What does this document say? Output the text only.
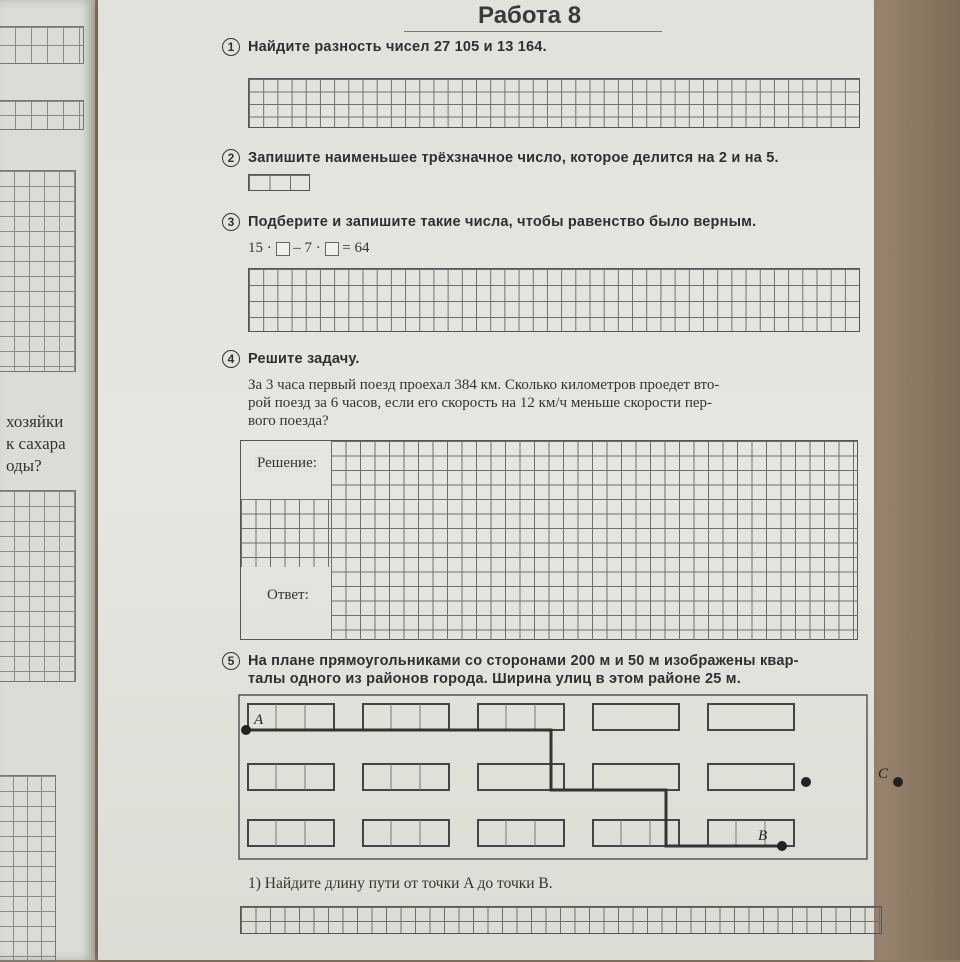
хозяйки
к сахара
оды?
Работа 8
1 Найдите разность чисел 27 105 и 13 164.
2 Запишите наименьшее трёхзначное число, которое делится на 2 и на 5.
3 Подберите и запишите такие числа, чтобы равенство было верным.
15 · – 7 · = 64
4 Решите задачу.
За 3 часа первый поезд проехал 384 км. Сколько километров проедет вто-
рой поезд за 6 часов, если его скорость на 12 км/ч меньше скорости пер-
вого поезда?
Решение:
Ответ:
5 На плане прямоугольниками со сторонами 200 м и 50 м изображены квар-
талы одного из районов города. Ширина улиц в этом районе 25 м.
A
B
C
1) Найдите длину пути от точки A до точки B.
